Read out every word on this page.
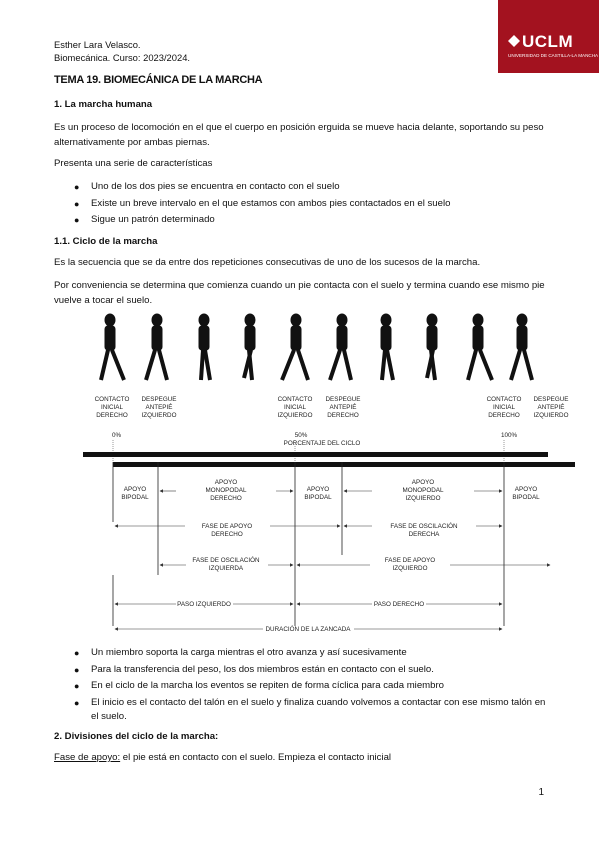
Esther Lara Velasco.
Biomecánica. Curso: 2023/2024.
UCLM
UNIVERSIDAD DE CASTILLA-LA MANCHA
TEMA 19. BIOMECÁNICA DE LA MARCHA
1. La marcha humana

Es un proceso de locomoción en el que el cuerpo en posición erguida se mueve hacia delante, soportando su peso alternativamente por ambas piernas.

Presenta una serie de características

● Uno de los dos pies se encuentra en contacto con el suelo
● Existe un breve intervalo en el que estamos con ambos pies contactados en el suelo
● Sigue un patrón determinado
1.1. Ciclo de la marcha

Es la secuencia que se da entre dos repeticiones consecutivas de uno de los sucesos de la marcha.

Por conveniencia se determina que comienza cuando un pie contacta con el suelo y termina cuando ese mismo pie vuelve a tocar el suelo.

CONTACTO INICIAL DERECHO
DESPEGUE ANTEPIÉ IZQUIERDO
CONTACTO INICIAL IZQUIERDO
DESPEGUE ANTEPIÉ DERECHO
CONTACTO INICIAL DERECHO
DESPEGUE ANTEPIÉ IZQUIERDO
0%	50%	100%
PORCENTAJE DEL CICLO
APOYO BIPODAL
APOYO MONOPODAL DERECHO
APOYO BIPODAL
APOYO MONOPODAL IZQUIERDO
APOYO BIPODAL
FASE DE APOYO DERECHO
FASE DE OSCILACIÓN DERECHA
FASE DE OSCILACIÓN IZQUIERDA
FASE DE APOYO IZQUIERDO
PASO IZQUIERDO	PASO DERECHO
DURACIÓN DE LA ZANCADA
● Un miembro soporta la carga mientras el otro avanza y así sucesivamente
● Para la transferencia del peso, los dos miembros están en contacto con el suelo.
● En el ciclo de la marcha los eventos se repiten de forma cíclica para cada miembro
● El inicio es el contacto del talón en el suelo y finaliza cuando volvemos a contactar con ese mismo talón en el suelo.
2. Divisiones del ciclo de la marcha:

Fase de apoyo: el pie está en contacto con el suelo. Empieza el contacto inicial

1
